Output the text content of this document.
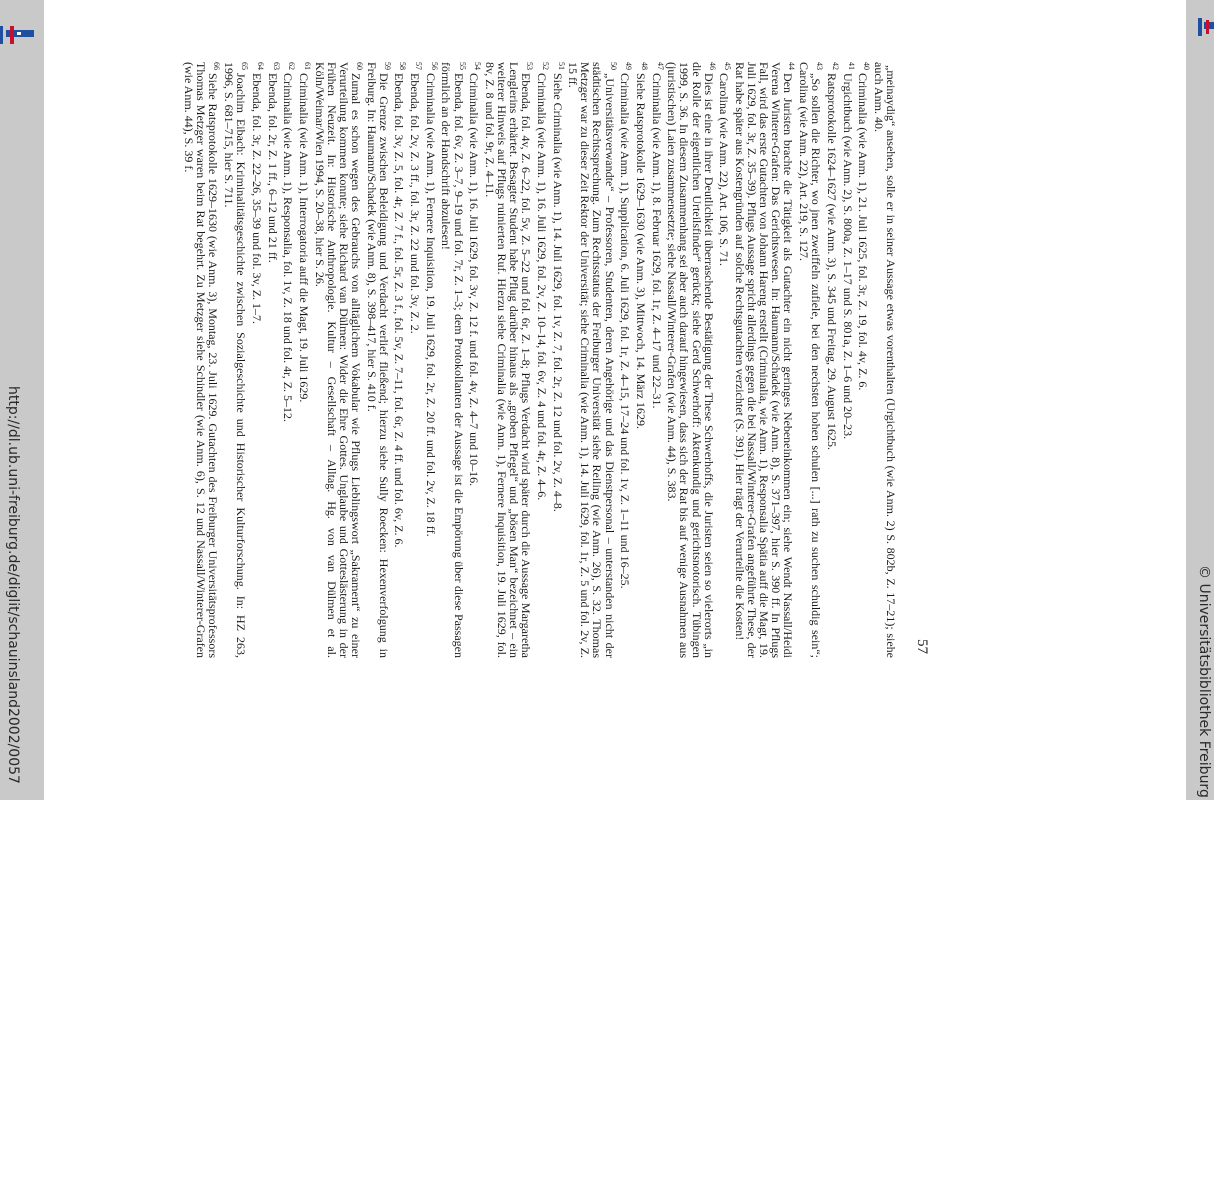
http://dl.ub.uni-freiburg.de/diglit/schauinsland2002/0057	© Universitätsbibliothek Freiburg
57
„meinaydig“ ansehen, solle er in seiner Aussage etwas vorenthalten (Urgichtbuch (wie Anm. 2) S. 802b, Z. 17–21); siehe auch Anm. 40.
$^{40}$Criminalia (wie Anm. 1), 21. Juli 1625, fol. 3r, Z. 19, fol. 4v, Z. 6.
$^{41}$Urgichtbuch (wie Anm. 2), S. 800a, Z. 1–17 und S. 801a, Z. 1–6 und 20–23.
$^{42}$Ratsprotokolle 1624–1627 (wie Anm. 3), S. 345 und Freitag, 29. August 1625.
$^{43}$„So sollen die Richter, wo jnen zweiffeln zufiele, bei den nechsten hohen schulen [...] rath zu suchen schuldig sein“; Carolina (wie Anm. 22), Art. 219, S. 127.
$^{44}$Den Juristen brachte die Tätigkeit als Gutachter ein nicht geringes Nebeneinkommen ein; siehe Wendt Nassall/Heidi Verena Winterer-Grafen: Das Gerichtswesen. In: Haumann/Schadek (wie Anm. 8), S. 371–397, hier S. 390 ff. In Pflugs Fall, wird das erste Gutachten von Johann Hareng erstellt (Criminalia, wie Anm. 1), Responsalia Spätia auff die Magt, 19. Juli 1629, fol. 3r, Z. 35–39). Pflugs Aussage spricht allerdings gegen die bei Nassall/Winterer-Grafen angeführte These, der Rat habe später aus Kostengründen auf solche Rechtsgutachten verzichtet (S. 391). Hier trägt der Verurteilte die Kosten!
$^{45}$Carolina (wie Anm. 22), Art. 106, S. 71.
$^{46}$Dies ist eine in ihrer Deutlichkeit überraschende Bestätigung der These Schwerhoffs, die Juristen seien so vielerorts „in die Rolle der eigentlichen Urteilsfinder“ gerückt; siehe Gerd Schwerhoff: Aktenkundig und gerichtsnotorisch. Tübingen 1999, S. 36. In diesem Zusammenhang sei aber auch darauf hingewiesen, dass sich der Rat bis auf wenige Ausnahmen aus (juristischen) Laien zusammensetzte; siehe Nassall/Winterer-Grafen (wie Anm. 44), S. 383.
$^{47}$Criminalia (wie Anm. 1), 8. Februar 1629, fol. 1r, Z. 4–17 und 22–31.
$^{48}$Siehe Ratsprotokolle 1629–1630 (wie Anm. 3), Mittwoch, 14. März 1629.
$^{49}$Criminalia (wie Anm. 1), Supplication, 6. Juli 1629, fol. 1r, Z. 4–15, 17–24 und fol. 1v, Z. 1–11 und 16–25.
$^{50}$„Universitätsverwandte“ – Professoren, Studenten, deren Angehörige und das Dienstpersonal – unterstanden nicht der städtischen Rechtssprechung. Zum Rechtsstatus der Freiburger Universität siehe Reiling (wie Anm. 26), S. 32. Thomas Metzger war zu dieser Zeit Rektor der Universität; siehe Criminalia (wie Anm. 1), 14. Juli 1629, fol. 1r, Z. 5 und fol. 2v, Z. 15 ff.
$^{51}$Siehe Criminalia (wie Anm. 1), 14. Juli 1629, fol. 1v, Z. 7, fol. 2r, Z. 12 und fol. 2v, Z. 4–8.
$^{52}$Criminalia (wie Anm. 1), 16. Juli 1629, fol. 2v, Z. 10–14, fol. 6v, Z. 4 und fol. 4r, Z. 4–6.
$^{53}$Ebenda, fol. 4v, Z. 6–22, fol. 5v, Z. 5–22 und fol. 6r, Z. 1–8; Pflugs Verdacht wird später durch die Aussage Margaretha Lenglerins erhärtet. Besagter Student habe Pflug darüber hinaus als „groben Pflegel“ und „bösen Man“ bezeichnet – ein weiterer Hinweis auf Pflugs ruinierten Ruf. Hierzu siehe Criminalia (wie Anm. 1), Fernere Inquisition, 19. Juli 1629, fol. 8v, Z. 8 und fol. 9r, Z. 4–11.
$^{54}$Criminalia (wie Anm. 1), 16. Juli 1629, fol. 3v, Z. 12 f. und fol. 4v, Z. 4–7 und 10–16.
$^{55}$Ebenda, fol. 6v, Z. 3–7, 9–19 und fol. 7r, Z. 1–3; dem Protokollanten der Aussage ist die Empörung über diese Passagen förmlich an der Handschrift abzulesen!
$^{56}$Criminalia (wie Anm. 1), Fernere Inquisition, 19. Juli 1629, fol. 2r, Z. 20 ff. und fol. 2v, Z. 18 ff.
$^{57}$Ebenda, fol. 2v, Z. 3 ff., fol. 3r, Z. 22 und fol. 3v, Z. 2.
$^{58}$Ebenda, fol. 3v, Z. 5, fol. 4r, Z. 7 f., fol. 5r, Z. 3 f., fol. 5v, Z. 7–11, fol. 6r, Z. 4 ff. und fol. 6v, Z. 6.
$^{59}$Die Grenze zwischen Beleidigung und Verdacht verlief fließend; hierzu siehe Sully Roecken: Hexenverfolgung in Freiburg. In: Haumann/Schadek (wie Anm. 8), S. 398–417, hier S. 410 f.
$^{60}$Zumal es schon wegen des Gebrauchs von alltäglichem Vokabular wie Pflugs Lieblingswort „Sakrament“ zu einer Verurteilung kommen konnte; siehe Richard van Dülmen: Wider die Ehre Gottes. Unglaube und Gotteslästerung in der Frühen Neuzeit. In: Historische Anthropologie. Kultur – Gesellschaft – Alltag. Hg. von van Dülmen et al. Köln/Weimar/Wien 1994, S. 20–38, hier S. 26.
$^{61}$Criminalia (wie Anm. 1), Interrogatoria auff die Magt, 19. Juli 1629.
$^{62}$Criminalia (wie Anm. 1), Responsalia, fol. 1v, Z. 18 und fol. 4r, Z. 5–12.
$^{63}$Ebenda, fol. 2r, Z. 1 ff., 6–12 und 21 ff.
$^{64}$Ebenda, fol. 3r, Z. 22–26, 35–39 und fol. 3v, Z. 1–7.
$^{65}$Joachim Eibach: Kriminalitätsgeschichte zwischen Sozialgeschichte und Historischer Kulturforschung. In: HZ 263, 1996, S. 681–715, hier S. 711.
$^{66}$Siehe Ratsprotokolle 1629–1630 (wie Anm. 3), Montag, 23. Juli 1629. Gutachten des Freiburger Universitätsprofessors Thomas Metzger waren beim Rat begehrt. Zu Metzger siehe Schindler (wie Anm. 6), S. 12 und Nassall/Winterer-Grafen (wie Anm. 44), S. 39 f.
